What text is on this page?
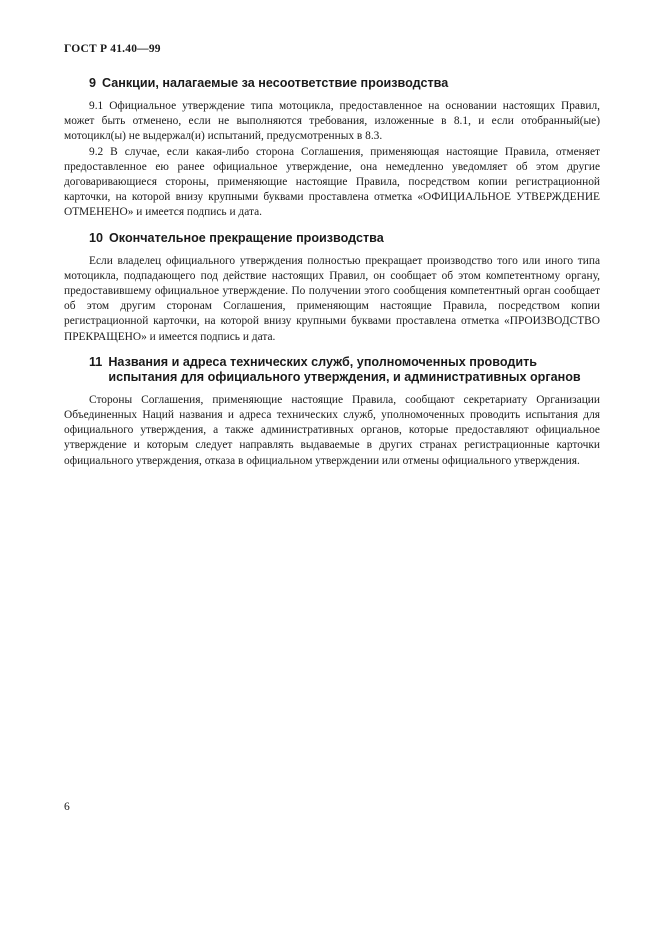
ГОСТ Р 41.40—99
9 Санкции, налагаемые за несоответствие производства

9.1 Официальное утверждение типа мотоцикла, предоставленное на основании настоящих Правил, может быть отменено, если не выполняются требования, изложенные в 8.1, и если отобранный(ые) мотоцикл(ы) не выдержал(и) испытаний, предусмотренных в 8.3.

9.2 В случае, если какая-либо сторона Соглашения, применяющая настоящие Правила, отменяет предоставленное ею ранее официальное утверждение, она немедленно уведомляет об этом другие договаривающиеся стороны, применяющие настоящие Правила, посредством копии регистрационной карточки, на которой внизу крупными буквами проставлена отметка «ОФИЦИАЛЬНОЕ УТВЕРЖДЕНИЕ ОТМЕНЕНО» и имеется подпись и дата.

10 Окончательное прекращение производства

Если владелец официального утверждения полностью прекращает производство того или иного типа мотоцикла, подпадающего под действие настоящих Правил, он сообщает об этом компетентному органу, предоставившему официальное утверждение. По получении этого сообщения компетентный орган сообщает об этом другим сторонам Соглашения, применяющим настоящие Правила, посредством копии регистрационной карточки, на которой внизу крупными буквами проставлена отметка «ПРОИЗВОДСТВО ПРЕКРАЩЕНО» и имеется подпись и дата.

11 Названия и адреса технических служб, уполномоченных проводить испытания для официального утверждения, и административных органов

Стороны Соглашения, применяющие настоящие Правила, сообщают секретариату Организации Объединенных Наций названия и адреса технических служб, уполномоченных проводить испытания для официального утверждения, а также административных органов, которые предоставляют официальное утверждение и которым следует направлять выдаваемые в других странах регистрационные карточки официального утверждения, отказа в официальном утверждении или отмены официального утверждения.

6
